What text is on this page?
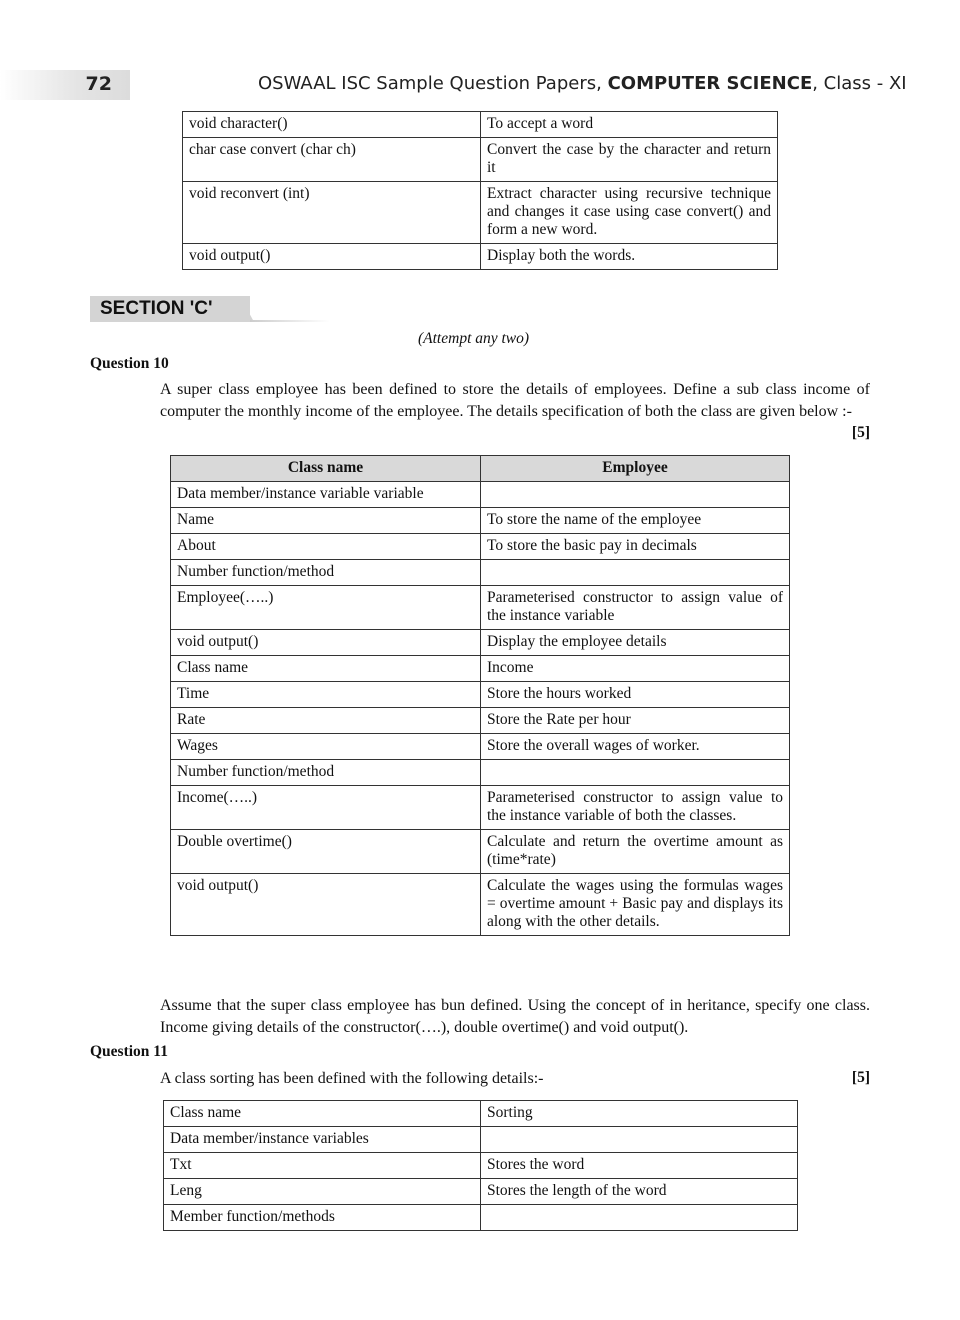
72	OSWAAL ISC Sample Question Papers, COMPUTER SCIENCE, Class - XI
void character()	To accept a word
char case convert (char ch)	Convert the case by the character and return it
void reconvert (int)	Extract character using recursive technique and changes it case using case convert() and form a new word.
void output()	Display both the words.
SECTION 'C'
(Attempt any two)
Question 10
A super class employee has been defined to store the details of employees. Define a sub class income of computer the monthly income of the employee. The details specification of both the class are given below :-
[5]
Class name	Employee
Data member/instance variable variable	
Name	To store the name of the employee
About	To store the basic pay in decimals
Number function/method	
Employee(…..)	Parameterised constructor to assign value of the instance variable
void output()	Display the employee details
Class name	Income
Time	Store the hours worked
Rate	Store the Rate per hour
Wages	Store the overall wages of worker.
Number function/method	
Income(…..)	Parameterised constructor to assign value to the instance variable of both the classes.
Double overtime()	Calculate and return the overtime amount as (time*rate)
void output()	Calculate the wages using the formulas wages = overtime amount + Basic pay and displays its along with the other details.
Assume that the super class employee has bun defined. Using the concept of in heritance, specify one class. Income giving details of the constructor(….), double overtime() and void output().
Question 11
A class sorting has been defined with the following details:-	[5]
Class name	Sorting
Data member/instance variables	
Txt	Stores the word
Leng	Stores the length of the word
Member function/methods	
